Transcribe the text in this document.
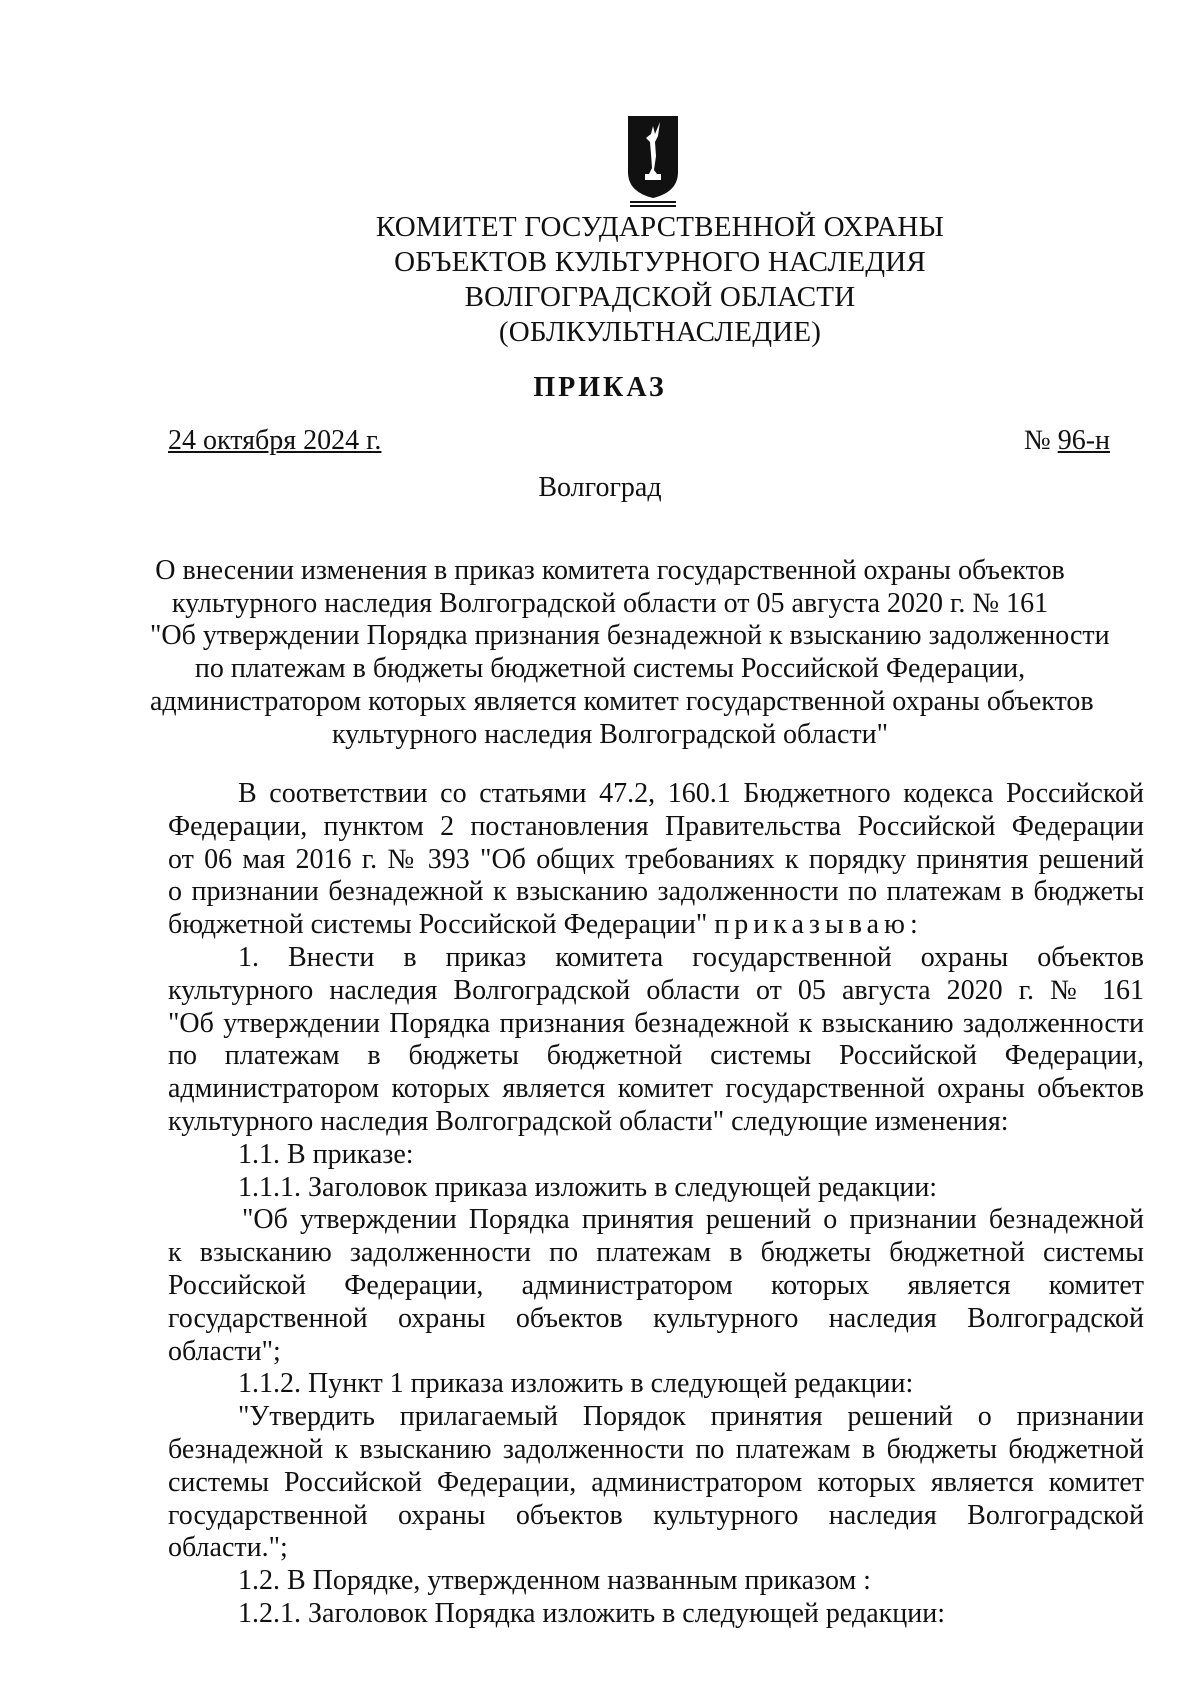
КОМИТЕТ ГОСУДАРСТВЕННОЙ ОХРАНЫ
ОБЪЕКТОВ КУЛЬТУРНОГО НАСЛЕДИЯ
ВОЛГОГРАДСКОЙ ОБЛАСТИ
(ОБЛКУЛЬТНАСЛЕДИЕ)
ПРИКАЗ
24 октября 2024 г.	№ 96-н
Волгоград
О внесении изменения в приказ комитета государственной охраны объектов
культурного наследия Волгоградской области от 05 августа 2020 г. № 161
"Об утверждении Порядка признания безнадежной к взысканию задолженности
по платежам в бюджеты бюджетной системы Российской Федерации,
администратором которых является комитет государственной охраны объектов
культурного наследия Волгоградской области"
В соответствии со статьями 47.2, 160.1 Бюджетного кодекса Российской
Федерации, пунктом 2 постановления Правительства Российской Федерации
от 06 мая 2016 г. № 393 "Об общих требованиях к порядку принятия решений
о признании безнадежной к взысканию задолженности по платежам в бюджеты
бюджетной системы Российской Федерации" приказываю:
1. Внести в приказ комитета государственной охраны объектов
культурного наследия Волгоградской области от 05 августа 2020 г. № 161
"Об утверждении Порядка признания безнадежной к взысканию задолженности
по платежам в бюджеты бюджетной системы Российской Федерации,
администратором которых является комитет государственной охраны объектов
культурного наследия Волгоградской области" следующие изменения:
1.1. В приказе:
1.1.1. Заголовок приказа изложить в следующей редакции:
"Об утверждении Порядка принятия решений о признании безнадежной
к взысканию задолженности по платежам в бюджеты бюджетной системы
Российской Федерации, администратором которых является комитет
государственной охраны объектов культурного наследия Волгоградской
области";
1.1.2. Пункт 1 приказа изложить в следующей редакции:
"Утвердить прилагаемый Порядок принятия решений о признании
безнадежной к взысканию задолженности по платежам в бюджеты бюджетной
системы Российской Федерации, администратором которых является комитет
государственной охраны объектов культурного наследия Волгоградской
области.";
1.2. В Порядке, утвержденном названным приказом :
1.2.1. Заголовок Порядка изложить в следующей редакции:
